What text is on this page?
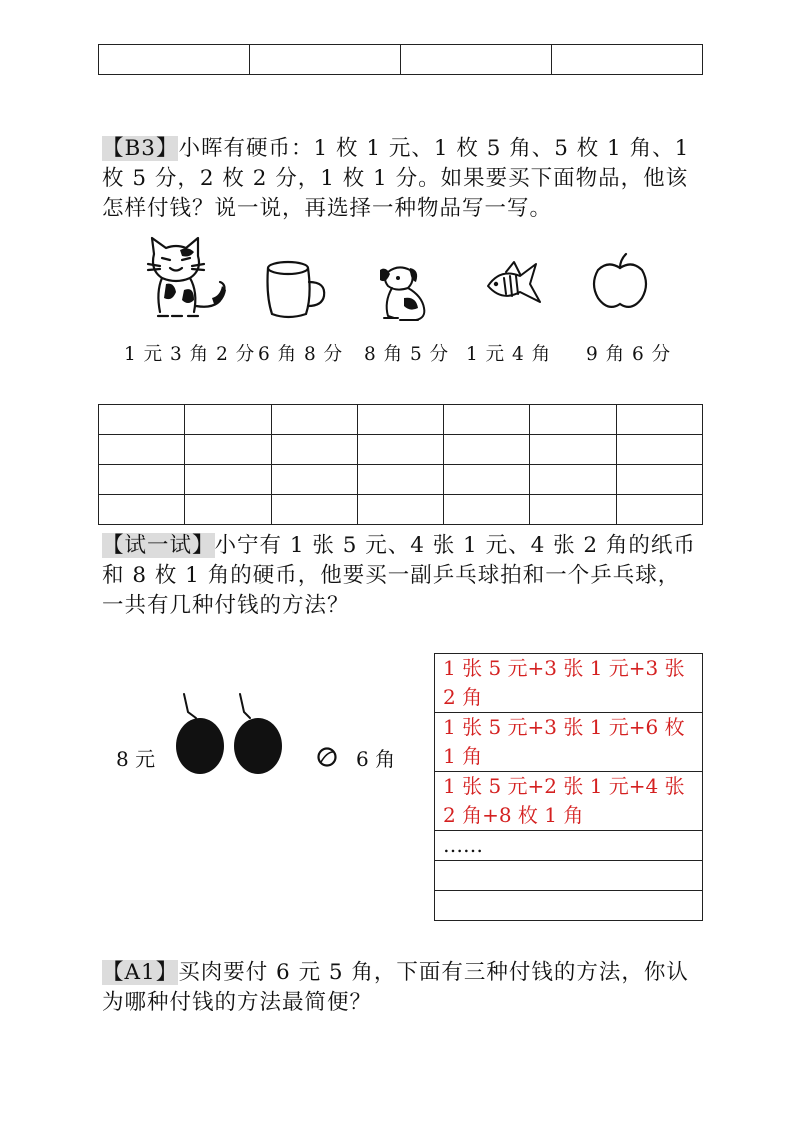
【B3】小晖有硬币：1 枚 1 元、1 枚 5 角、5 枚 1 角、1 枚 5 分，2 枚 2 分，1 枚 1 分。如果要买下面物品，他该怎样付钱？说一说，再选择一种物品写一写。
1 元 3 角 2 分 6 角 8 分 8 角 5 分 1 元 4 角 9 角 6 分

【试一试】小宁有 1 张 5 元、4 张 1 元、4 张 2 角的纸币和 8 枚 1 角的硬币，他要买一副乒乓球拍和一个乒乓球，一共有几种付钱的方法？
8 元	6 角
1 张 5 元+3 张 1 元+3 张 2 角
1 张 5 元+3 张 1 元+6 枚 1 角
1 张 5 元+2 张 1 元+4 张 2 角+8 枚 1 角
……

【A1】买肉要付 6 元 5 角，下面有三种付钱的方法，你认为哪种付钱的方法最简便？
